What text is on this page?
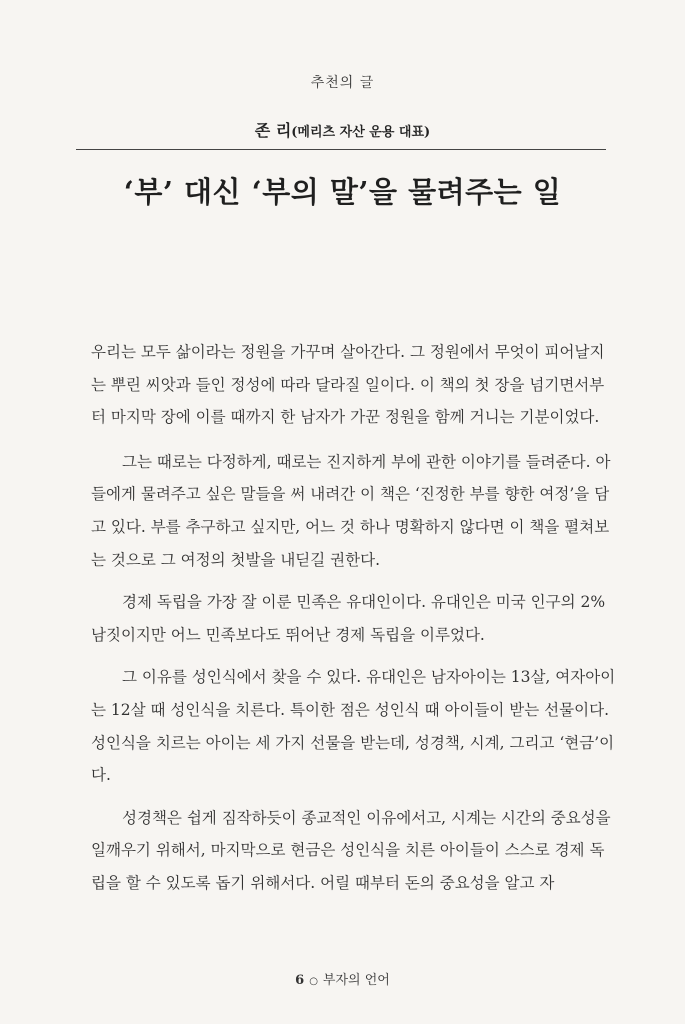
추천의 글
존 리(메리츠 자산 운용 대표)
‘부’ 대신 ‘부의 말’을 물려주는 일

우리는 모두 삶이라는 정원을 가꾸며 살아간다. 그 정원에서 무엇이 피어날지는 뿌린 씨앗과 들인 정성에 따라 달라질 일이다. 이 책의 첫 장을 넘기면서부터 마지막 장에 이를 때까지 한 남자가 가꾼 정원을 함께 거니는 기분이었다.

그는 때로는 다정하게, 때로는 진지하게 부에 관한 이야기를 들려준다. 아들에게 물려주고 싶은 말들을 써 내려간 이 책은 ‘진정한 부를 향한 여정’을 담고 있다. 부를 추구하고 싶지만, 어느 것 하나 명확하지 않다면 이 책을 펼쳐보는 것으로 그 여정의 첫발을 내딛길 권한다.

경제 독립을 가장 잘 이룬 민족은 유대인이다. 유대인은 미국 인구의 2% 남짓이지만 어느 민족보다도 뛰어난 경제 독립을 이루었다.

그 이유를 성인식에서 찾을 수 있다. 유대인은 남자아이는 13살, 여자아이는 12살 때 성인식을 치른다. 특이한 점은 성인식 때 아이들이 받는 선물이다. 성인식을 치르는 아이는 세 가지 선물을 받는데, 성경책, 시계, 그리고 ‘현금’이다.

성경책은 쉽게 짐작하듯이 종교적인 이유에서고, 시계는 시간의 중요성을 일깨우기 위해서, 마지막으로 현금은 성인식을 치른 아이들이 스스로 경제 독립을 할 수 있도록 돕기 위해서다. 어릴 때부터 돈의 중요성을 알고 자

6 ○ 부자의 언어
